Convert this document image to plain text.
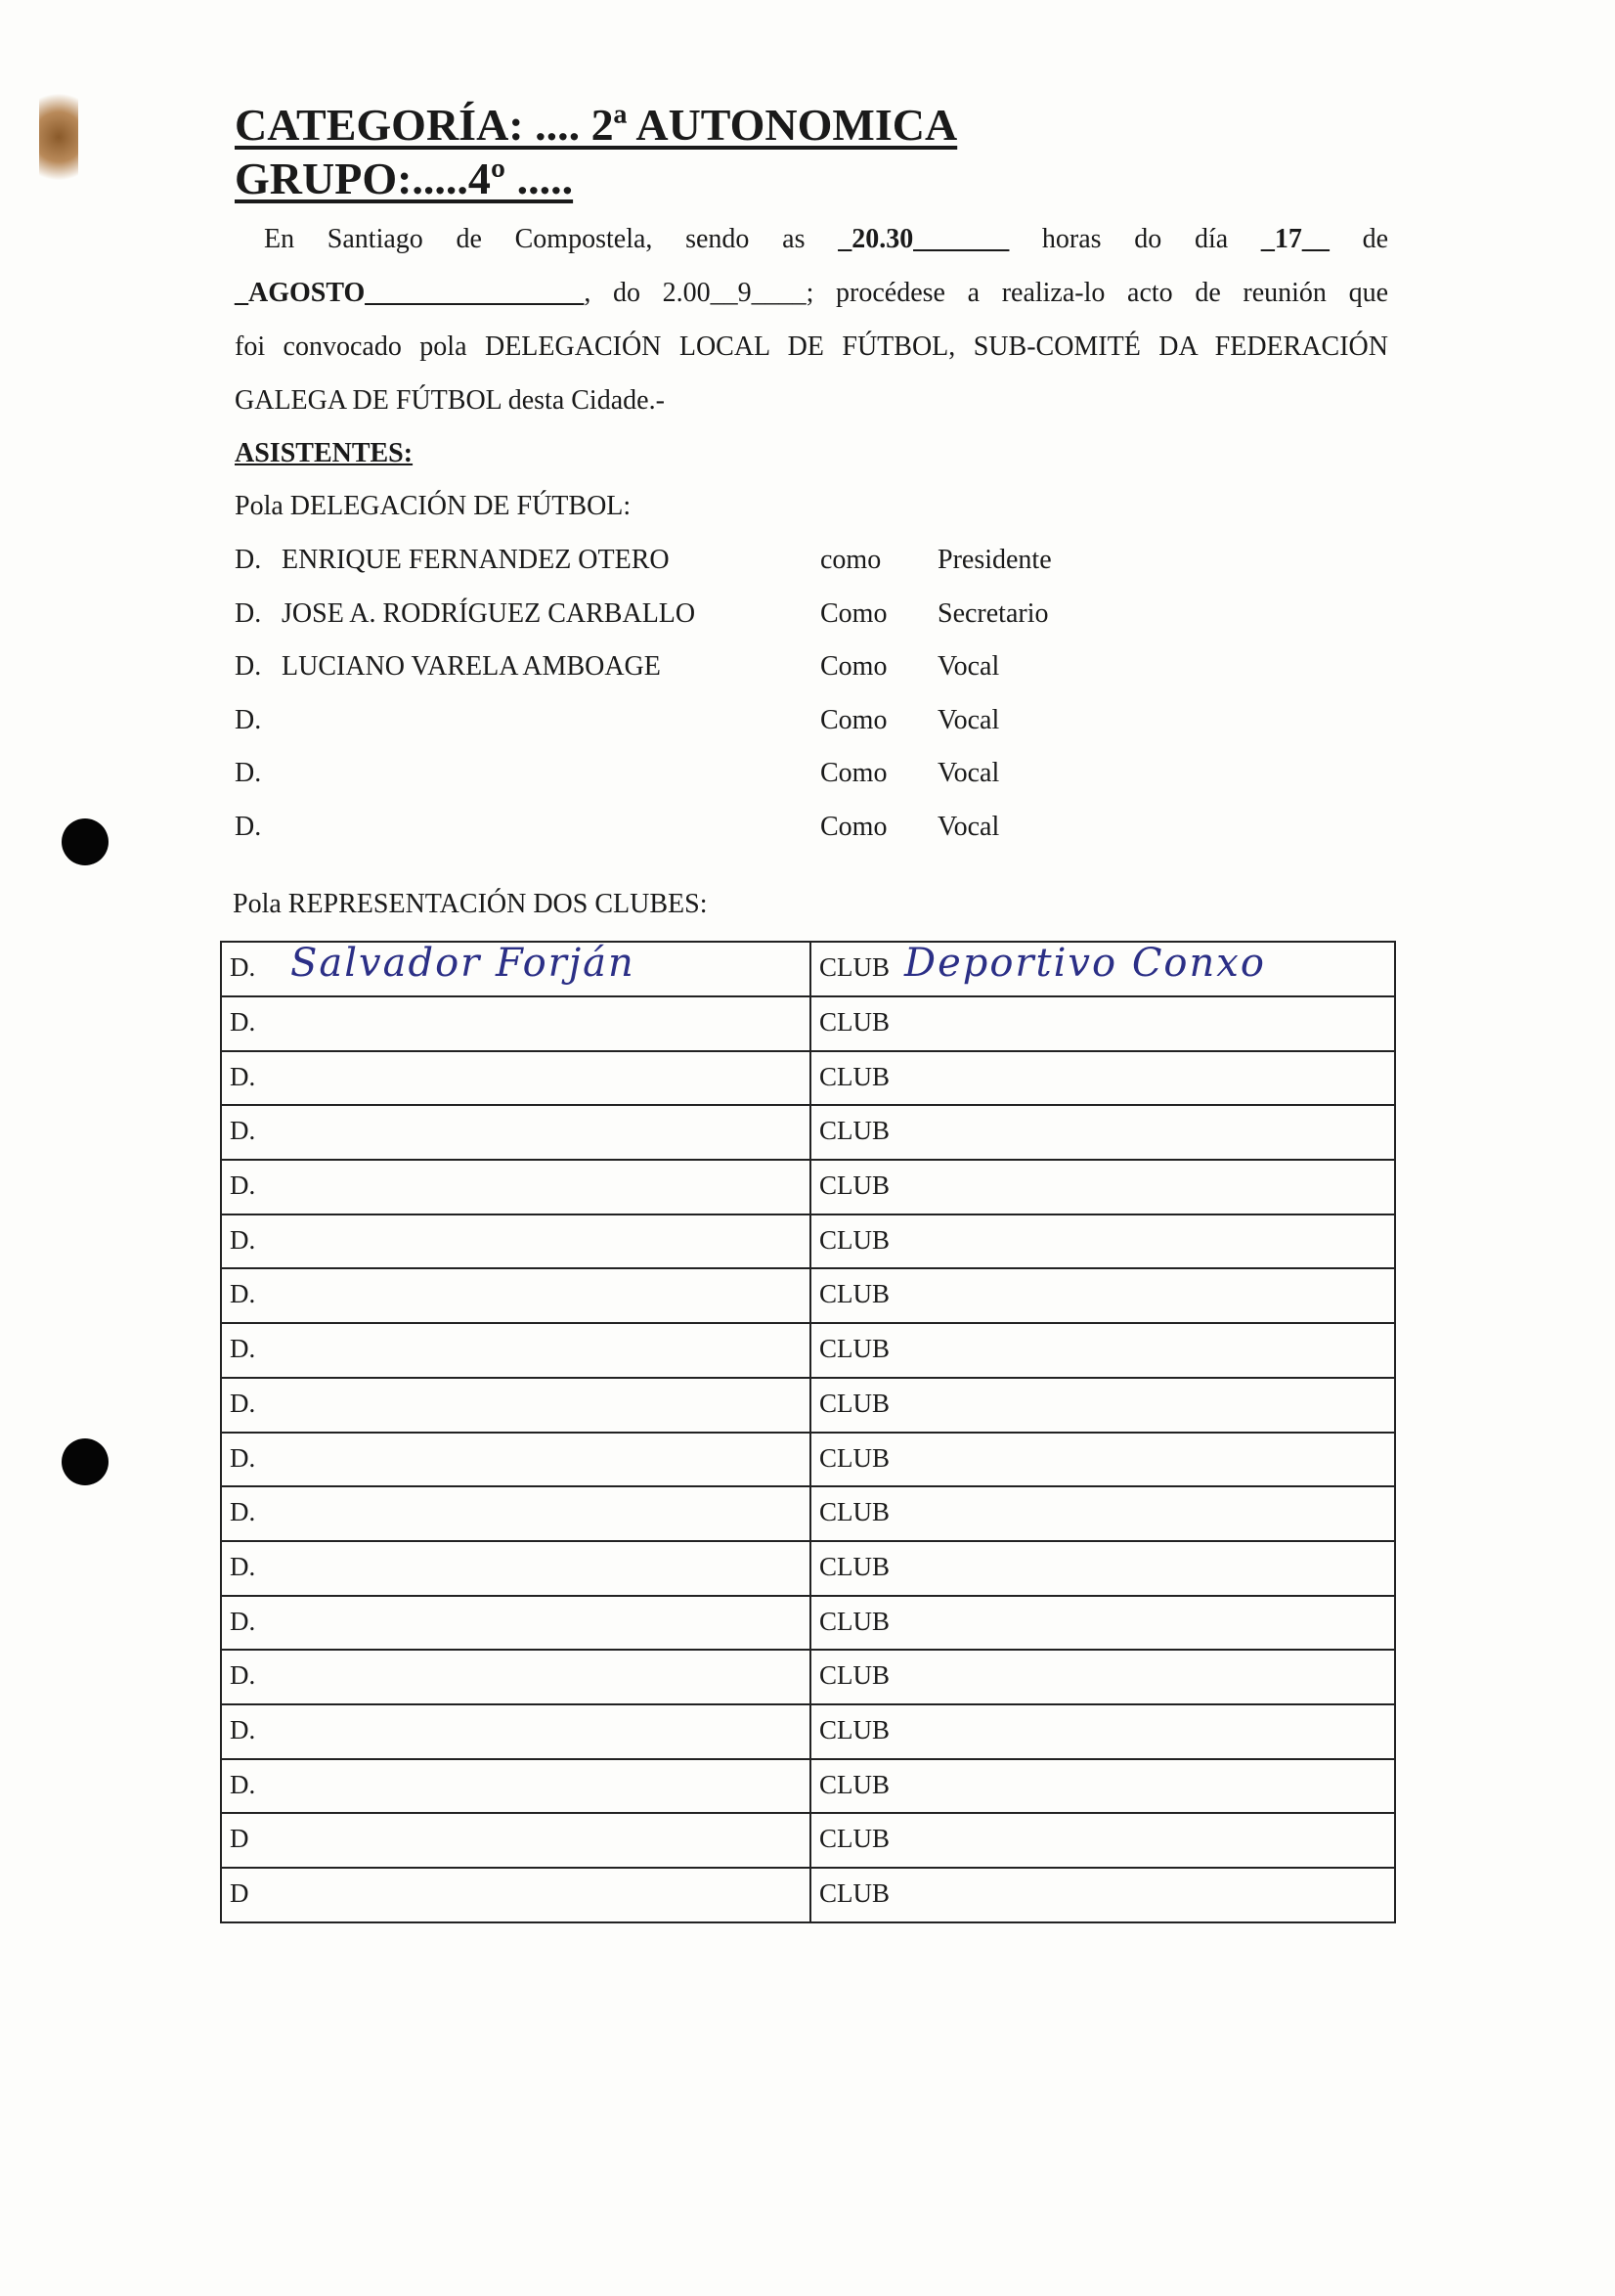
CATEGORÍA: .... 2ª AUTONOMICA
GRUPO:.....4º .....
En Santiago de Compostela, sendo as _20.30_______ horas do día _17__ de
_AGOSTO________________, do 2.00__9____; procédese a realiza-lo acto de reunión que
foi convocado pola DELEGACIÓN LOCAL DE FÚTBOL, SUB-COMITÉ DA FEDERACIÓN
GALEGA DE FÚTBOL desta Cidade.-
ASISTENTES:
Pola DELEGACIÓN DE FÚTBOL:
D. ENRIQUE FERNANDEZ OTERO	como Presidente
D. JOSE A. RODRÍGUEZ CARBALLO	Como Secretario
D. LUCIANO VARELA AMBOAGE	Como Vocal
D.	Como Vocal
D.	Como Vocal
D.	Como Vocal
Pola REPRESENTACIÓN DOS CLUBES:
D. Salvador Forján	CLUB Deportivo Conxo

D.	CLUB

D.	CLUB

D.	CLUB

D.	CLUB

D.	CLUB

D.	CLUB

D.	CLUB

D.	CLUB

D.	CLUB

D.	CLUB

D.	CLUB

D.	CLUB

D.	CLUB

D.	CLUB

D.	CLUB

D	CLUB

D	CLUB
